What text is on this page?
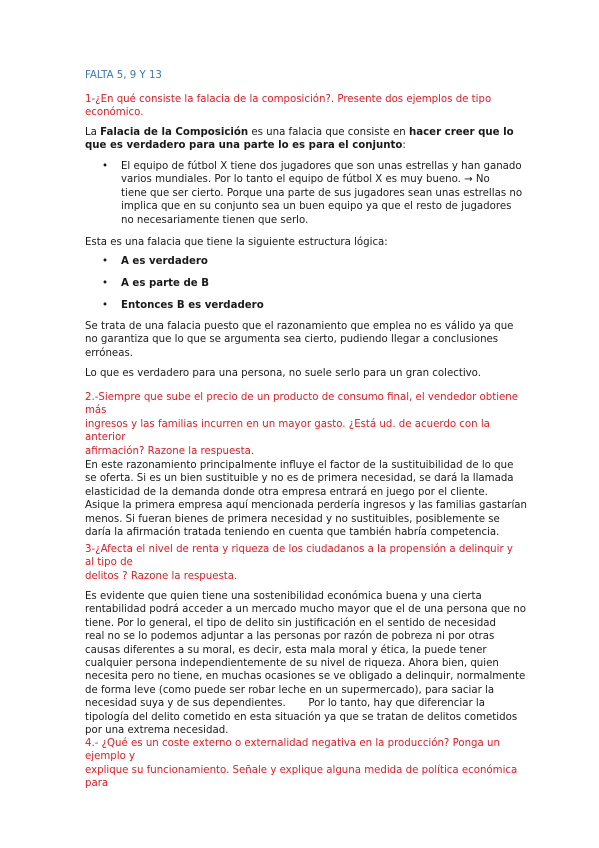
FALTA 5, 9 Y 13

1-¿En qué consiste la falacia de la composición?. Presente dos ejemplos de tipo
económico.

La Falacia de la Composición es una falacia que consiste en hacer creer que lo que es verdadero para una parte lo es para el conjunto:

• El equipo de fútbol X tiene dos jugadores que son unas estrellas y han ganado
varios mundiales. Por lo tanto el equipo de fútbol X es muy bueno. → No
tiene que ser cierto. Porque una parte de sus jugadores sean unas estrellas no
implica que en su conjunto sea un buen equipo ya que el resto de jugadores
no necesariamente tienen que serlo.

Esta es una falacia que tiene la siguiente estructura lógica:

• A es verdadero
• A es parte de B
• Entonces B es verdadero

Se trata de una falacia puesto que el razonamiento que emplea no es válido ya que
no garantiza que lo que se argumenta sea cierto, pudiendo llegar a conclusiones
erróneas.

Lo que es verdadero para una persona, no suele serlo para un gran colectivo.

2.-Siempre que sube el precio de un producto de consumo final, el vendedor obtiene
más
ingresos y las familias incurren en un mayor gasto. ¿Está ud. de acuerdo con la
anterior
afirmación? Razone la respuesta.

En este razonamiento principalmente influye el factor de la sustituibilidad de lo que
se oferta. Si es un bien sustituible y no es de primera necesidad, se dará la llamada
elasticidad de la demanda donde otra empresa entrará en juego por el cliente.
Asique la primera empresa aquí mencionada perdería ingresos y las familias gastarían
menos. Si fueran bienes de primera necesidad y no sustituibles, posiblemente se
daría la afirmación tratada teniendo en cuenta que también habría competencia.

3-¿Afecta el nivel de renta y riqueza de los ciudadanos a la propensión a delinquir y
al tipo de
delitos ? Razone la respuesta.

Es evidente que quien tiene una sostenibilidad económica buena y una cierta
rentabilidad podrá acceder a un mercado mucho mayor que el de una persona que no
tiene. Por lo general, el tipo de delito sin justificación en el sentido de necesidad
real no se lo podemos adjuntar a las personas por razón de pobreza ni por otras
causas diferentes a su moral, es decir, esta mala moral y ética, la puede tener
cualquier persona independientemente de su nivel de riqueza. Ahora bien, quien
necesita pero no tiene, en muchas ocasiones se ve obligado a delinquir, normalmente
de forma leve (como puede ser robar leche en un supermercado), para saciar la
necesidad suya y de sus dependientes.       Por lo tanto, hay que diferenciar la
tipología del delito cometido en esta situación ya que se tratan de delitos cometidos
por una extrema necesidad.

4.- ¿Qué es un coste externo o externalidad negativa en la producción? Ponga un
ejemplo y
explique su funcionamiento. Señale y explique alguna medida de política económica
para
